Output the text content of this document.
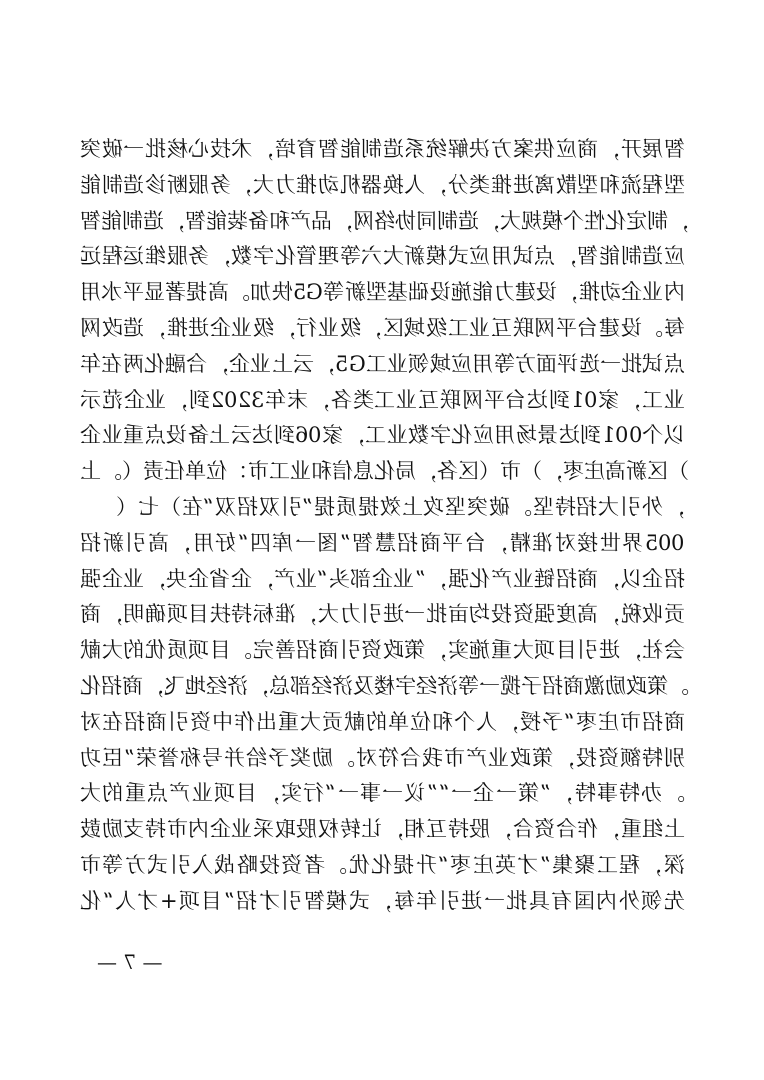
突 破 一 批 核 心 技 术 ， 培 育 智 能 制 造 系 统 解 决 方 案 供 应 商 ， 开 展 智
能 制 造 诊 断 服 务 ， 大 力 推 动 机 器 换 人 ， 分 类 推 进 离 散 型 和 流 程 型
智 能 制 造 ， 智 能 装 备 和 产 品 ， 网 络 协 同 制 造 ， 大 规 模 个 性 化 定 制 ，
远 程 运 维 服 务 ， 数 字 化 管 理 等 六 大 新 模 式 应 用 试 点 ， 智 能 制 造 应
用 水 平 显 著 提 高 。 加 快 5G 等 新 型 基 础 设 施 能 力 建 设 ， 推 动 企 业 内
网 改 造 ， 推 进 企 业 级 ， 行 业 级 ， 区 域 级 工 业 互 联 网 平 台 建 设 。 每
年 在 两 化 融 合 ， 企 业 上 云 ， 5G 工 业 领 域 应 用 等 方 面 评 选 一 批 试 点
示 范 企 业 ， 到 2023 年 末 ， 各 类 工 业 互 联 网 平 台 达 到 10 家 ， 工 业
企 业 重 点 设 备 上 云 达 到 60 家 ， 工 业 数 字 化 应 用 场 景 达 到 100 个 以
上 。 （ 责 任 单 位 ： 市 工 业 和 信 息 化 局 ， 各 区 （ 市 ） ， 枣 庄 高 新 区 ）
（ 七 ） 在 “ 双 招 双 引 ” 提 质 提 效 上 攻 坚 突 破 。 坚 持 招 大 引 外 ，
招 新 引 高 ， 用 好 “ 四 库 一 图 ” 智 慧 招 商 平 台 ， 精 准 对 接 世 界 500
强 企 业 ， 央 企 省 企 ， 产 业 “ 头 部 企 业 ” ， 强 化 产 业 链 招 商 ， 以 企 招
商 ， 明 确 项 目 扶 持 标 准 ， 大 力 引 进 一 批 亩 均 投 资 强 度 高 ， 税 收 贡
献 大 的 优 质 项 目 。 完 善 招 商 引 资 政 策 ， 实 施 重 大 项 目 引 进 ， 社 会
化 招 商 ， 飞 地 经 济 ， 总 部 经 济 及 楼 宇 经 济 等 一 揽 子 招 商 激 励 政 策 。
对 在 招 商 引 资 中 作 出 重 大 贡 献 的 单 位 和 个 人 ， 授 予 “ 枣 庄 市 招 商
功 臣 ” 荣 誉 称 号 并 给 予 奖 励 。 对 符 合 我 市 产 业 政 策 ， 投 资 额 特 别
大 的 重 点 产 业 项 目 ， 实 行 “ 一 事 一 议 ” “ 一 企 一 策 ” ， 特 事 特 办 。
鼓 励 支 持 市 内 企 业 采 取 股 权 转 让 ， 相 互 持 股 ， 合 资 合 作 ， 重 组 上
市 等 方 式 引 入 战 略 投 资 者 。 优 化 提 升 “ 枣 庄 英 才 ” 集 聚 工 程 ， 深
化 “ 人 才 + 项 目 ” 招 才 引 智 模 式 ， 每 年 引 进 一 批 具 有 国 内 外 领 先
— 7 —
